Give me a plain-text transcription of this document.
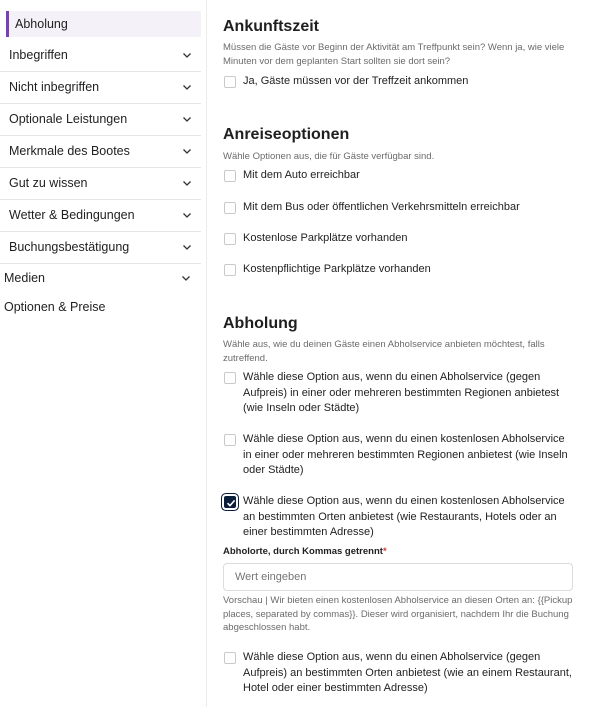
Abholung
Inbegriffen
Nicht inbegriffen
Optionale Leistungen
Merkmale des Bootes
Gut zu wissen
Wetter & Bedingungen
Buchungsbestätigung
Medien
Optionen & Preise
Ankunftszeit
Müssen die Gäste vor Beginn der Aktivität am Treffpunkt sein? Wenn ja, wie viele Minuten vor dem geplanten Start sollten sie dort sein?
Ja, Gäste müssen vor der Treffzeit ankommen
Anreiseoptionen
Wähle Optionen aus, die für Gäste verfügbar sind.
Mit dem Auto erreichbar
Mit dem Bus oder öffentlichen Verkehrsmitteln erreichbar
Kostenlose Parkplätze vorhanden
Kostenpflichtige Parkplätze vorhanden
Abholung
Wähle aus, wie du deinen Gäste einen Abholservice anbieten möchtest, falls zutreffend.
Wähle diese Option aus, wenn du einen Abholservice (gegen Aufpreis) in einer oder mehreren bestimmten Regionen anbietest (wie Inseln oder Städte)
Wähle diese Option aus, wenn du einen kostenlosen Abholservice in einer oder mehreren bestimmten Regionen anbietest (wie Inseln oder Städte)
Wähle diese Option aus, wenn du einen kostenlosen Abholservice an bestimmten Orten anbietest (wie Restaurants, Hotels oder an einer bestimmten Adresse)
Abholorte, durch Kommas getrennt*
Wert eingeben
Vorschau | Wir bieten einen kostenlosen Abholservice an diesen Orten an: {{Pickup places, separated by commas}}. Dieser wird organisiert, nachdem Ihr die Buchung abgeschlossen habt.
Wähle diese Option aus, wenn du einen Abholservice (gegen Aufpreis) an bestimmten Orten anbietest (wie an einem Restaurant, Hotel oder einer bestimmten Adresse)
